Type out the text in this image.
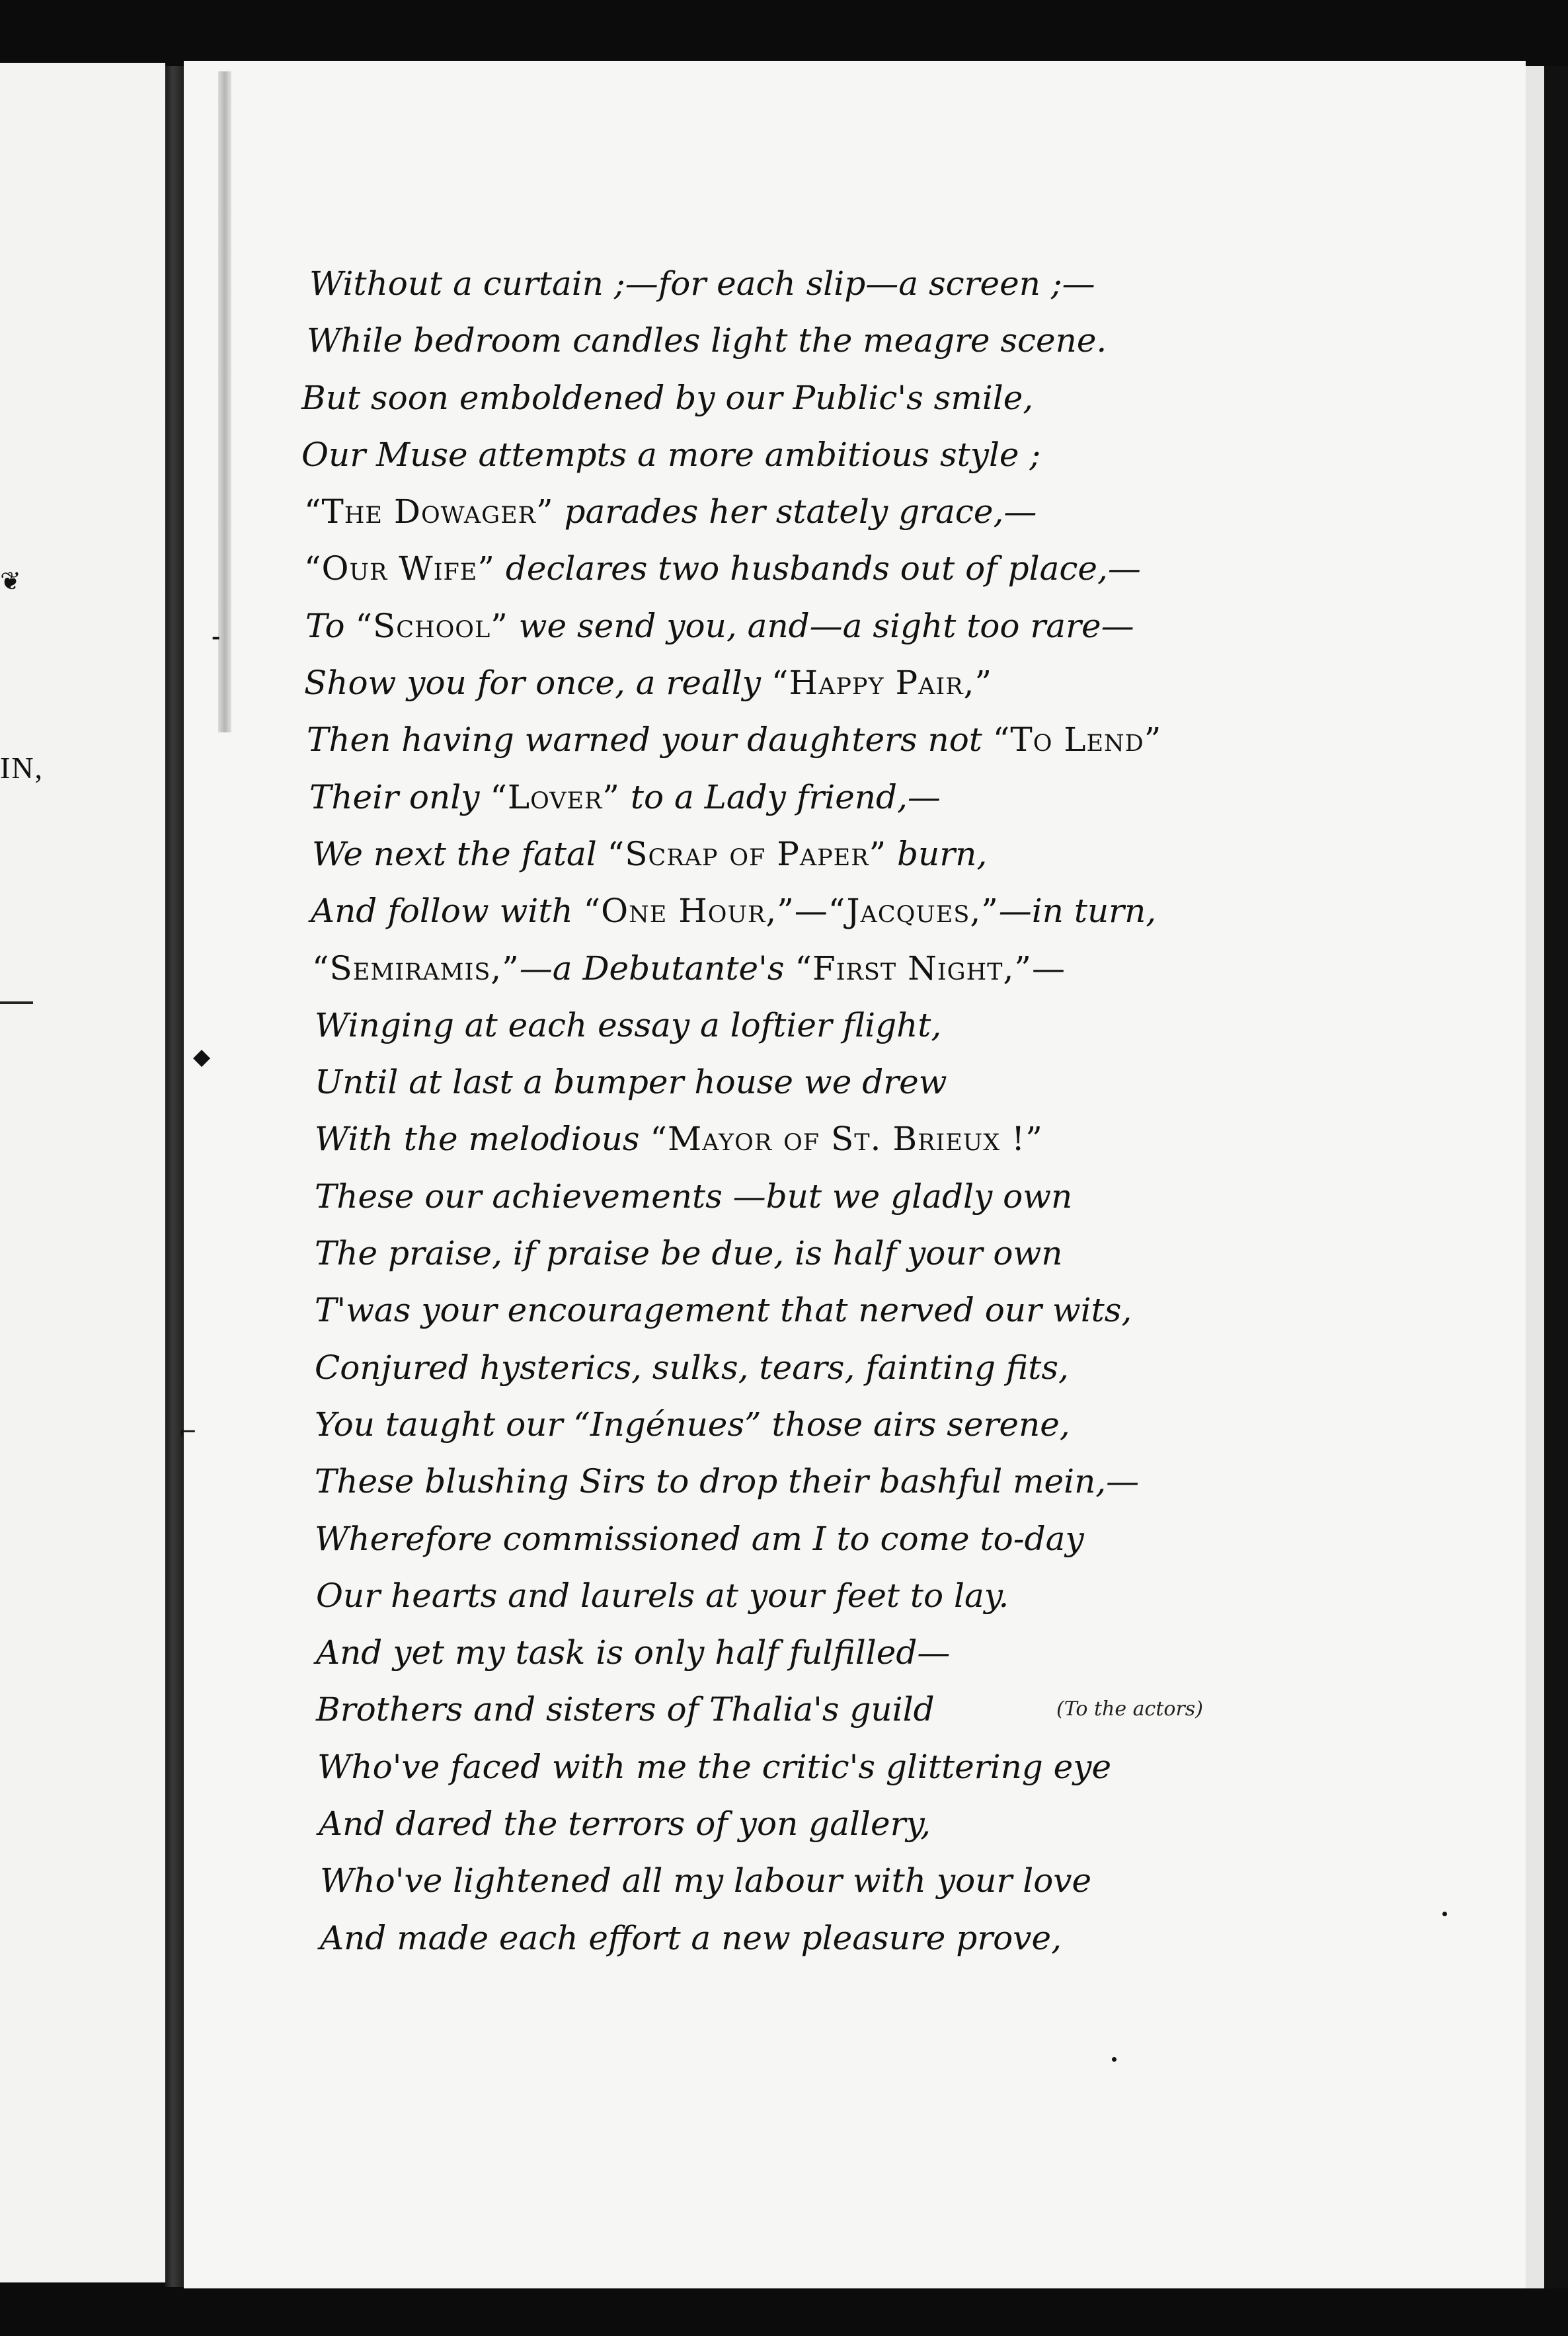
❦
IN,
⁃
◆
⌐
Without a curtain ;—for each slip—a screen ;—
While bedroom candles light the meagre scene.
But soon emboldened by our Public's smile,
Our Muse attempts a more ambitious style ;
“The Dowager” parades her stately grace,—
“Our Wife” declares two husbands out of place,—
To “School” we send you, and—a sight too rare—
Show you for once, a really “Happy Pair,”
Then having warned your daughters not “To Lend”
Their only “Lover” to a Lady friend,—
We next the fatal “Scrap of Paper” burn,
And follow with “One Hour,”—“Jacques,”—in turn,
“Semiramis,”—a Debutante's “First Night,”—
Winging at each essay a loftier flight,
Until at last a bumper house we drew
With the melodious “Mayor of St. Brieux !”
These our achievements —but we gladly own
The praise, if praise be due, is half your own
T'was your encouragement that nerved our wits,
Conjured hysterics, sulks, tears, fainting fits,
You taught our “Ingénues” those airs serene,
These blushing Sirs to drop their bashful mein,—
Wherefore commissioned am I to come to-day
Our hearts and laurels at your feet to lay.
And yet my task is only half fulfilled—
Brothers and sisters of Thalia's guild	(To the actors)
Who've faced with me the critic's glittering eye
And dared the terrors of yon gallery,
Who've lightened all my labour with your love
And made each effort a new pleasure prove,
